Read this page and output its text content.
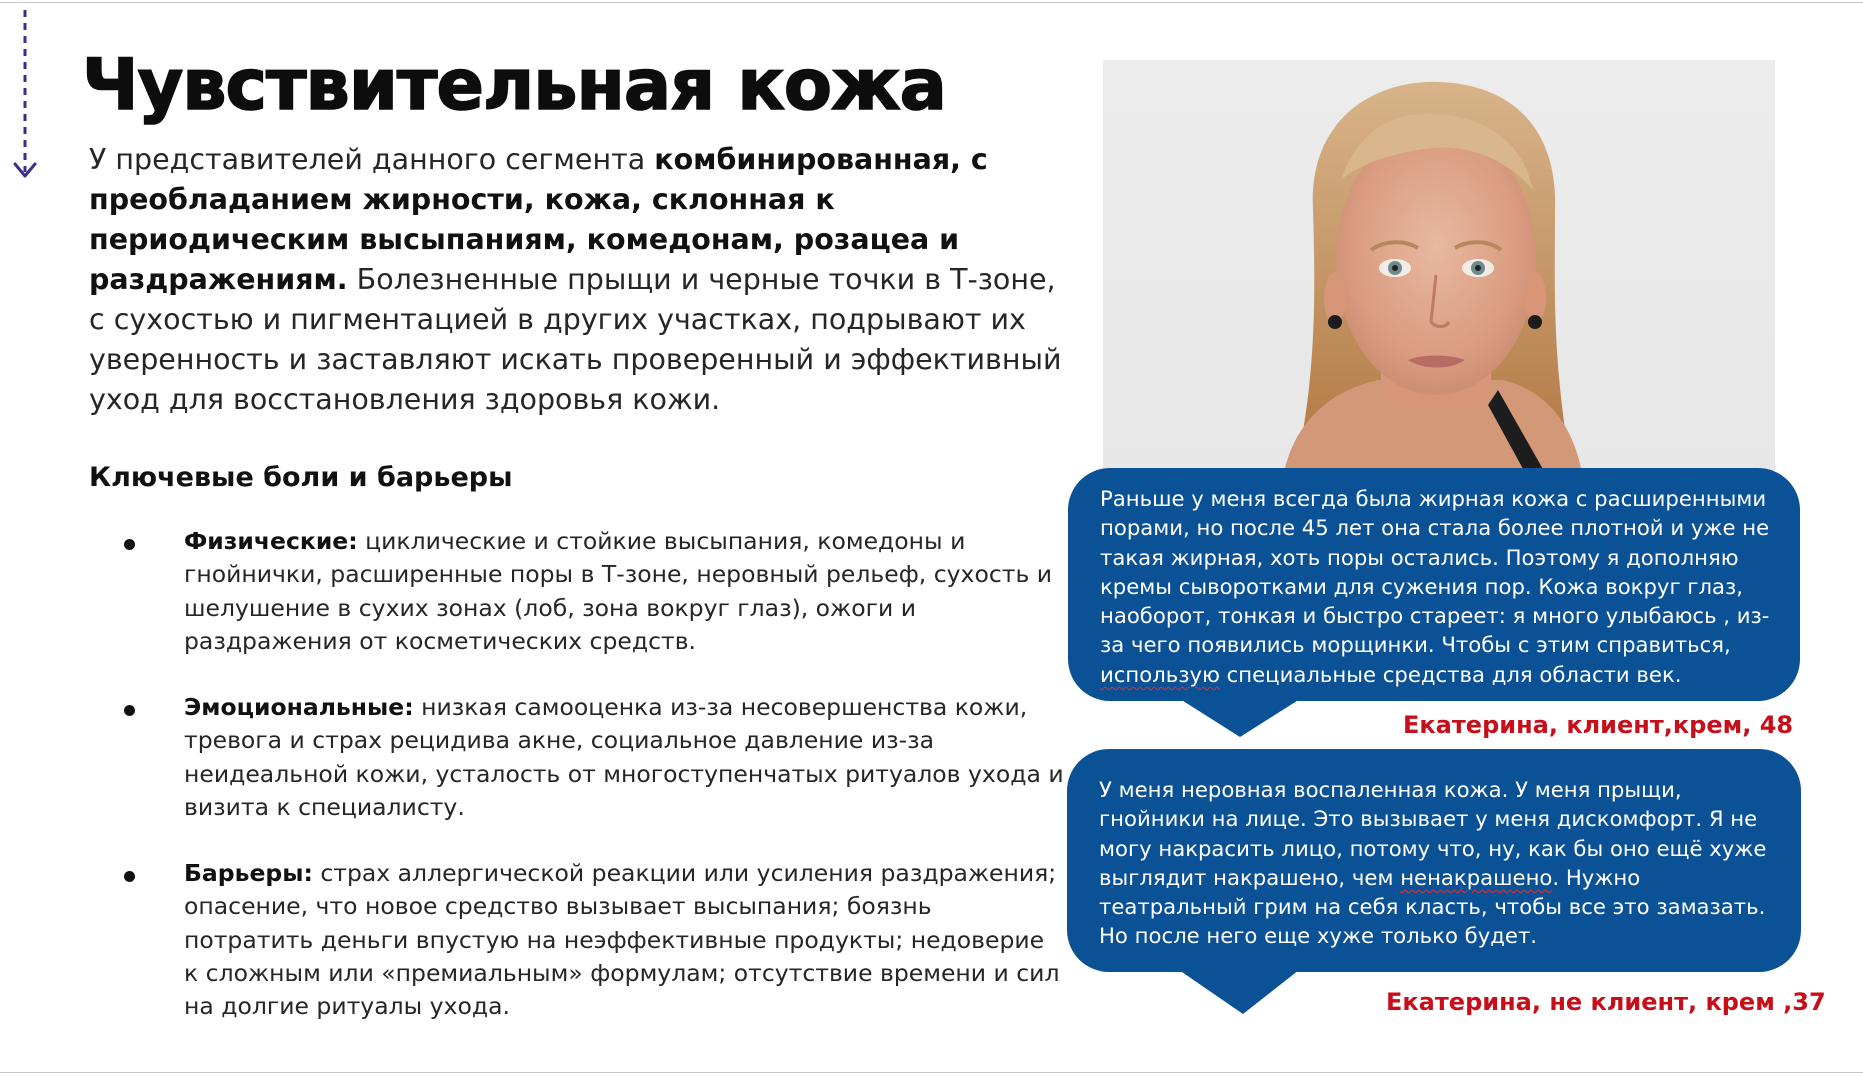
Чувствительная кожа

У представителей данного сегмента комбинированная, с преобладанием жирности, кожа, склонная к периодическим высыпаниям, комедонам, розацеа и раздражениям. Болезненные прыщи и черные точки в Т-зоне, с сухостью и пигментацией в других участках, подрывают их уверенность и заставляют искать проверенный и эффективный уход для восстановления здоровья кожи.

Ключевые боли и барьеры
Физические: циклические и стойкие высыпания, комедоны и гнойнички, расширенные поры в Т-зоне, неровный рельеф, сухость и шелушение в сухих зонах (лоб, зона вокруг глаз), ожоги и раздражения от косметических средств.
Эмоциональные: низкая самооценка из-за несовершенства кожи, тревога и страх рецидива акне, социальное давление из-за неидеальной кожи, усталость от многоступенчатых ритуалов ухода и визита к специалисту.
Барьеры: страх аллергической реакции или усиления раздражения; опасение, что новое средство вызывает высыпания; боязнь потратить деньги впустую на неэффективные продукты; недоверие к сложным или «премиальным» формулам; отсутствие времени и сил на долгие ритуалы ухода.

Раньше у меня всегда была жирная кожа с расширенными порами, но после 45 лет она стала более плотной и уже не такая жирная, хоть поры остались. Поэтому я дополняю кремы сыворотками для сужения пор. Кожа вокруг глаз, наоборот, тонкая и быстро стареет: я много улыбаюсь , из-за чего появились морщинки. Чтобы с этим справиться, использую специальные средства для области век.

Екатерина, клиент,крем, 48

У меня неровная воспаленная кожа. У меня прыщи, гнойники на лице. Это вызывает у меня дискомфорт. Я не могу накрасить лицо, потому что, ну, как бы оно ещё хуже выглядит накрашено, чем ненакрашено. Нужно театральный грим на себя класть, чтобы все это замазать. Но после него еще хуже только будет.

Екатерина, не клиент, крем ,37
